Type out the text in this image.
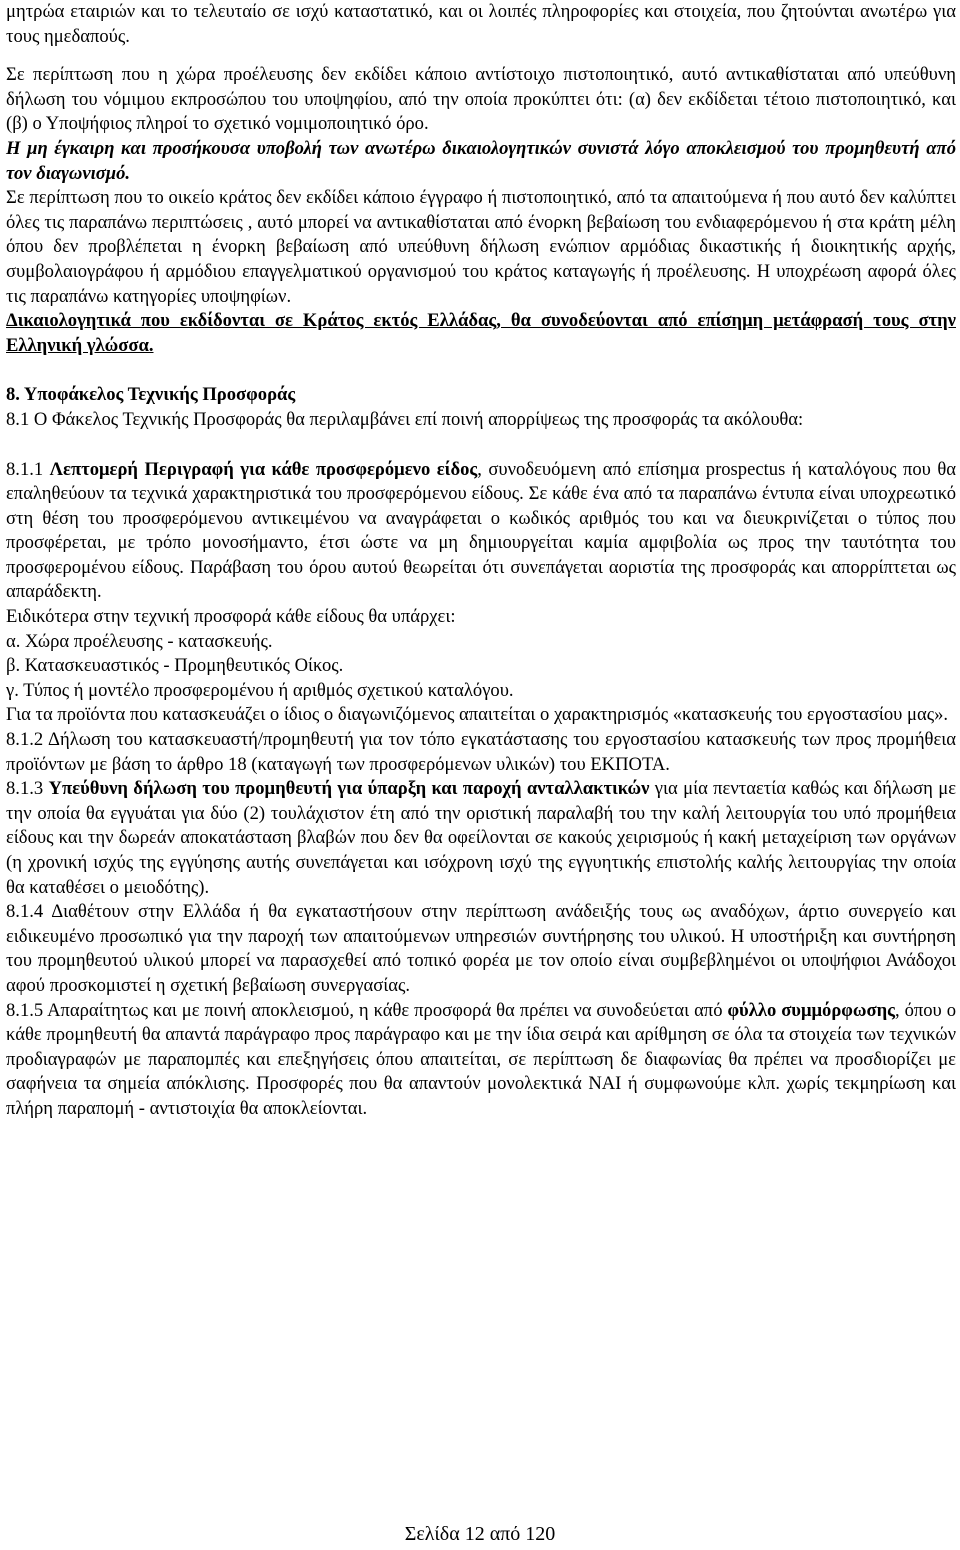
μητρώα εταιριών και το τελευταίο σε ισχύ καταστατικό, και οι λοιπές πληροφορίες και στοιχεία, που ζητούνται ανωτέρω για τους ημεδαπούς.

Σε περίπτωση που η χώρα προέλευσης δεν εκδίδει κάποιο αντίστοιχο πιστοποιητικό, αυτό αντικαθίσταται από υπεύθυνη δήλωση του νόμιμου εκπροσώπου του υποψηφίου, από την οποία προκύπτει ότι: (α) δεν εκδίδεται τέτοιο πιστοποιητικό, και (β) ο Υποψήφιος πληροί το σχετικό νομιμοποιητικό όρο.

Η μη έγκαιρη και προσήκουσα υποβολή των ανωτέρω δικαιολογητικών συνιστά λόγο αποκλεισμού του προμηθευτή από τον διαγωνισμό.

Σε περίπτωση που το οικείο κράτος δεν εκδίδει κάποιο έγγραφο ή πιστοποιητικό, από τα απαιτούμενα ή που αυτό δεν καλύπτει όλες τις παραπάνω περιπτώσεις , αυτό μπορεί να αντικαθίσταται από ένορκη βεβαίωση του ενδιαφερόμενου ή στα κράτη μέλη όπου δεν προβλέπεται η ένορκη βεβαίωση από υπεύθυνη δήλωση ενώπιον αρμόδιας δικαστικής ή διοικητικής αρχής, συμβολαιογράφου ή αρμόδιου επαγγελματικού οργανισμού του κράτος καταγωγής ή προέλευσης. Η υποχρέωση αφορά όλες τις παραπάνω κατηγορίες υποψηφίων.

Δικαιολογητικά που εκδίδονται σε Κράτος εκτός Ελλάδας, θα συνοδεύονται από επίσημη μετάφρασή τους στην Ελληνική γλώσσα.

8. Υποφάκελος Τεχνικής Προσφοράς

8.1 Ο Φάκελος Τεχνικής Προσφοράς θα περιλαμβάνει επί ποινή απορρίψεως της προσφοράς τα ακόλουθα:

8.1.1 Λεπτομερή Περιγραφή για κάθε προσφερόμενο είδος, συνοδευόμενη από επίσημα prospectus ή καταλόγους που θα επαληθεύουν τα τεχνικά χαρακτηριστικά του προσφερόμενου είδους. Σε κάθε ένα από τα παραπάνω έντυπα είναι υποχρεωτικό στη θέση του προσφερόμενου αντικειμένου να αναγράφεται ο κωδικός αριθμός του και να διευκρινίζεται ο τύπος που προσφέρεται, με τρόπο μονοσήμαντο, έτσι ώστε να μη δημιουργείται καμία αμφιβολία ως προς την ταυτότητα του προσφερομένου είδους. Παράβαση του όρου αυτού θεωρείται ότι συνεπάγεται αοριστία της προσφοράς και απορρίπτεται ως απαράδεκτη.

Ειδικότερα στην τεχνική προσφορά κάθε είδους θα υπάρχει:

α. Χώρα προέλευσης - κατασκευής.

β. Κατασκευαστικός - Προμηθευτικός Οίκος.

γ. Τύπος ή μοντέλο προσφερομένου ή αριθμός σχετικού καταλόγου.

Για τα προϊόντα που κατασκευάζει ο ίδιος ο διαγωνιζόμενος απαιτείται ο χαρακτηρισμός «κατασκευής του εργοστασίου μας».

8.1.2 Δήλωση του κατασκευαστή/προμηθευτή για τον τόπο εγκατάστασης του εργοστασίου κατασκευής των προς προμήθεια προϊόντων με βάση το άρθρο 18 (καταγωγή των προσφερόμενων υλικών) του ΕΚΠΟΤΑ.

8.1.3 Υπεύθυνη δήλωση του προμηθευτή για ύπαρξη και παροχή ανταλλακτικών για μία πενταετία καθώς και δήλωση με την οποία θα εγγυάται για δύο (2) τουλάχιστον έτη από την οριστική παραλαβή του την καλή λειτουργία του υπό προμήθεια είδους και την δωρεάν αποκατάσταση βλαβών που δεν θα οφείλονται σε κακούς χειρισμούς ή κακή μεταχείριση των οργάνων (η χρονική ισχύς της εγγύησης αυτής συνεπάγεται και ισόχρονη ισχύ της εγγυητικής επιστολής καλής λειτουργίας την οποία θα καταθέσει ο μειοδότης).

8.1.4 Διαθέτουν στην Ελλάδα ή θα εγκαταστήσουν στην περίπτωση ανάδειξής τους ως αναδόχων, άρτιο συνεργείο και ειδικευμένο προσωπικό για την παροχή των απαιτούμενων υπηρεσιών συντήρησης του υλικού. Η υποστήριξη και συντήρηση του προμηθευτού υλικού μπορεί να παρασχεθεί από τοπικό φορέα με τον οποίο είναι συμβεβλημένοι οι υποψήφιοι Ανάδοχοι αφού προσκομιστεί η σχετική βεβαίωση συνεργασίας.

8.1.5 Απαραίτητως και με ποινή αποκλεισμού, η κάθε προσφορά θα πρέπει να συνοδεύεται από φύλλο συμμόρφωσης, όπου ο κάθε προμηθευτή θα απαντά παράγραφο προς παράγραφο και με την ίδια σειρά και αρίθμηση σε όλα τα στοιχεία των τεχνικών προδιαγραφών με παραπομπές και επεξηγήσεις όπου απαιτείται, σε περίπτωση δε διαφωνίας θα πρέπει να προσδιορίζει με σαφήνεια τα σημεία απόκλισης. Προσφορές που θα απαντούν μονολεκτικά ΝΑΙ ή συμφωνούμε κλπ. χωρίς τεκμηρίωση και πλήρη παραπομή - αντιστοιχία θα αποκλείονται.

Σελίδα 12 από 120
